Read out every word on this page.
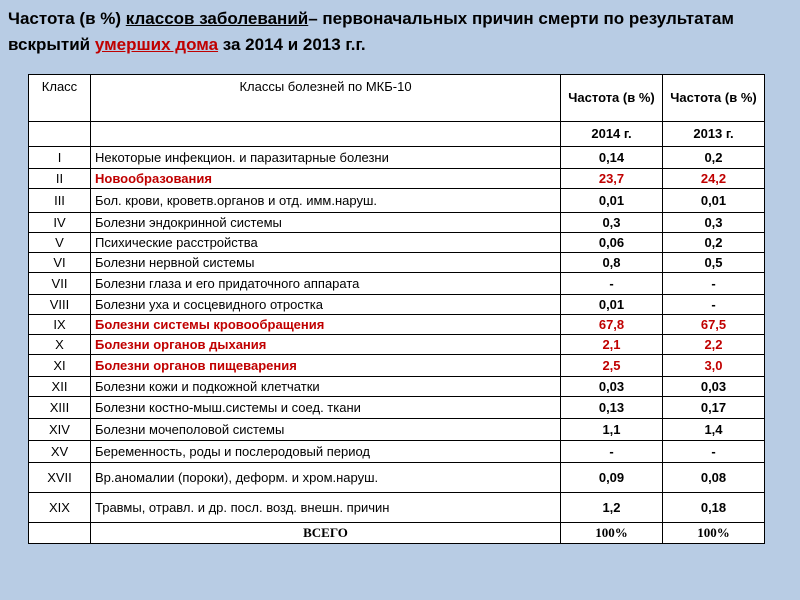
Частота (в %) классов заболеваний– первоначальных причин смерти по результатам вскрытий умерших дома за 2014 и 2013 г.г.
Класс	Классы болезней по МКБ-10	Частота (в %)	Частота (в %)
		2014 г.	2013 г.
I	Некоторые инфекцион. и паразитарные болезни	0,14	0,2
II	Новообразования	23,7	24,2
III	Бол. крови, кроветв.органов и отд. имм.наруш.	0,01	0,01
IV	Болезни эндокринной системы	0,3	0,3
V	Психические расстройства	0,06	0,2
VI	Болезни нервной системы	0,8	0,5
VII	Болезни глаза и его придаточного аппарата	-	-
VIII	Болезни уха и сосцевидного отростка	0,01	-
IX	Болезни системы кровообращения	67,8	67,5
X	Болезни органов дыхания	2,1	2,2
XI	Болезни органов пищеварения	2,5	3,0
XII	Болезни кожи и подкожной клетчатки	0,03	0,03
XIII	Болезни костно-мыш.системы и соед. ткани	0,13	0,17
XIV	Болезни мочеполовой системы	1,1	1,4
XV	Беременность, роды и послеродовый период	-	-
XVII	Вр.аномалии (пороки), деформ. и хром.наруш.	0,09	0,08
XIX	Травмы, отравл. и др. посл. возд. внешн. причин	1,2	0,18
	ВСЕГО	100%	100%
